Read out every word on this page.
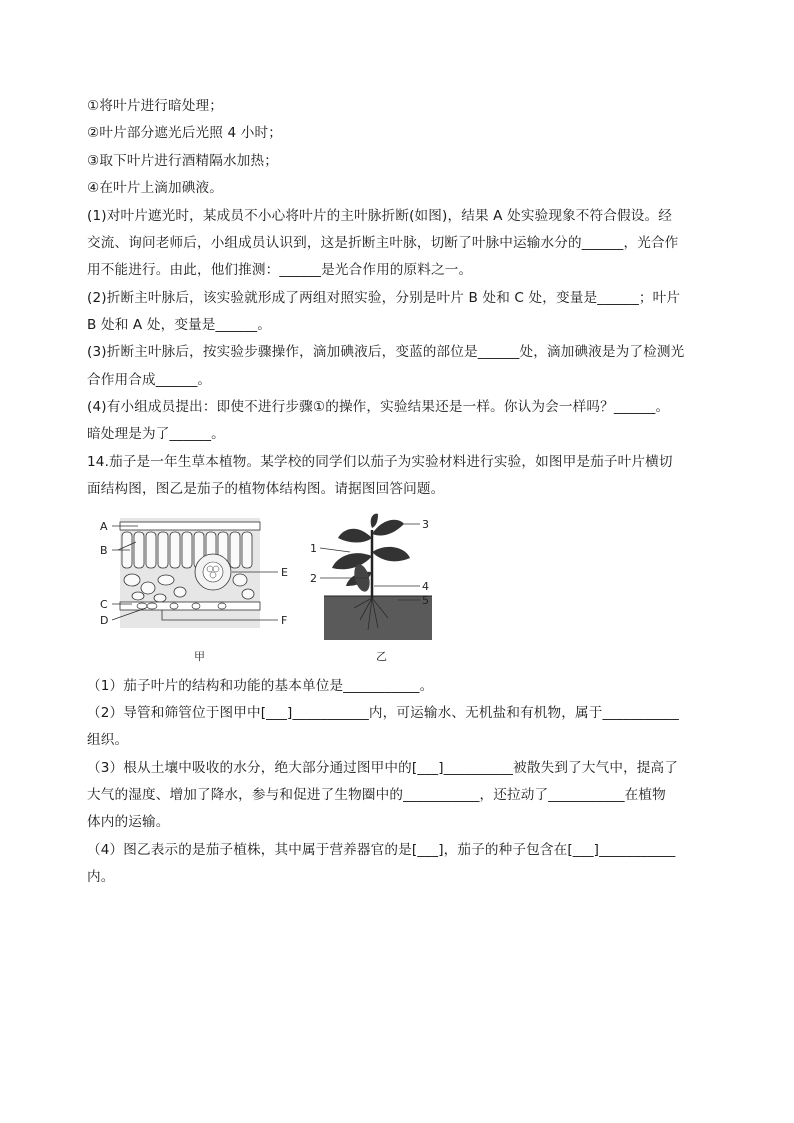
①将叶片进行暗处理；
②叶片部分遮光后光照 4 小时；
③取下叶片进行酒精隔水加热；
④在叶片上滴加碘液。
(1)对叶片遮光时，某成员不小心将叶片的主叶脉折断(如图)，结果 A 处实验现象不符合假设。经
交流、询问老师后，小组成员认识到，这是折断主叶脉，切断了叶脉中运输水分的______，光合作
用不能进行。由此，他们推测：______是光合作用的原料之一。
(2)折断主叶脉后，该实验就形成了两组对照实验，分别是叶片 B 处和 C 处，变量是______；叶片
B 处和 A 处，变量是______。
(3)折断主叶脉后，按实验步骤操作，滴加碘液后，变蓝的部位是______处，滴加碘液是为了检测光
合作用合成______。
(4)有小组成员提出：即使不进行步骤①的操作，实验结果还是一样。你认为会一样吗？______。
暗处理是为了______。
14.茄子是一年生草本植物。某学校的同学们以茄子为实验材料进行实验，如图甲是茄子叶片横切
面结构图，图乙是茄子的植物体结构图。请据图回答问题。
A
B
C
D
E
F
甲
1
2
3
4
5
乙
（1）茄子叶片的结构和功能的基本单位是___________。
（2）导管和筛管位于图甲中[___]___________内，可运输水、无机盐和有机物，属于___________
组织。
（3）根从土壤中吸收的水分，绝大部分通过图甲中的[___]__________被散失到了大气中，提高了
大气的湿度、增加了降水，参与和促进了生物圈中的___________，还拉动了___________在植物
体内的运输。
（4）图乙表示的是茄子植株，其中属于营养器官的是[___]，茄子的种子包含在[___]___________
内。
